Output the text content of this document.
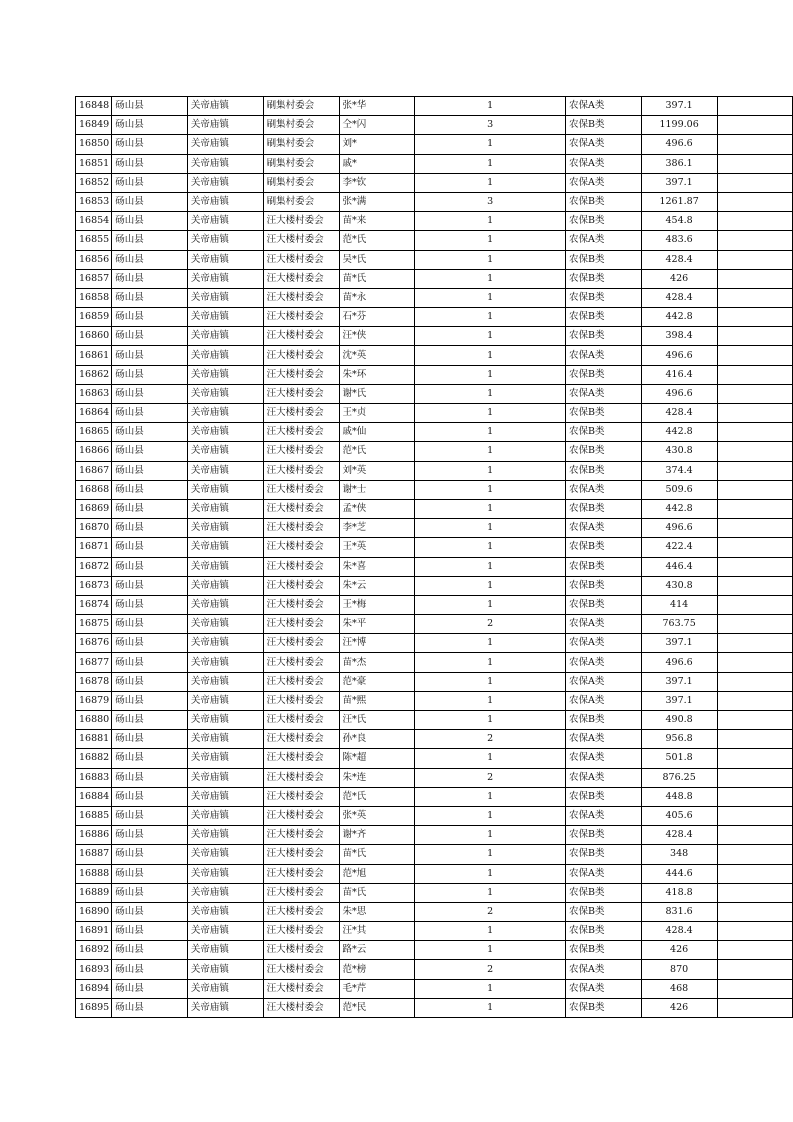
16848	砀山县	关帝庙镇	刷集村委会	张*华	1	农保A类	397.1	
16849	砀山县	关帝庙镇	刷集村委会	仝*闪	3	农保B类	1199.06	
16850	砀山县	关帝庙镇	刷集村委会	刘*	1	农保A类	496.6	
16851	砀山县	关帝庙镇	刷集村委会	戚*	1	农保A类	386.1	
16852	砀山县	关帝庙镇	刷集村委会	李*钦	1	农保A类	397.1	
16853	砀山县	关帝庙镇	刷集村委会	张*满	3	农保B类	1261.87	
16854	砀山县	关帝庙镇	汪大楼村委会	苗*来	1	农保B类	454.8	
16855	砀山县	关帝庙镇	汪大楼村委会	范*氏	1	农保A类	483.6	
16856	砀山县	关帝庙镇	汪大楼村委会	吴*氏	1	农保B类	428.4	
16857	砀山县	关帝庙镇	汪大楼村委会	苗*氏	1	农保B类	426	
16858	砀山县	关帝庙镇	汪大楼村委会	苗*永	1	农保B类	428.4	
16859	砀山县	关帝庙镇	汪大楼村委会	石*芬	1	农保B类	442.8	
16860	砀山县	关帝庙镇	汪大楼村委会	汪*侠	1	农保B类	398.4	
16861	砀山县	关帝庙镇	汪大楼村委会	沈*英	1	农保A类	496.6	
16862	砀山县	关帝庙镇	汪大楼村委会	朱*环	1	农保B类	416.4	
16863	砀山县	关帝庙镇	汪大楼村委会	谢*氏	1	农保A类	496.6	
16864	砀山县	关帝庙镇	汪大楼村委会	王*贞	1	农保B类	428.4	
16865	砀山县	关帝庙镇	汪大楼村委会	戚*仙	1	农保B类	442.8	
16866	砀山县	关帝庙镇	汪大楼村委会	范*氏	1	农保B类	430.8	
16867	砀山县	关帝庙镇	汪大楼村委会	刘*英	1	农保B类	374.4	
16868	砀山县	关帝庙镇	汪大楼村委会	谢*士	1	农保A类	509.6	
16869	砀山县	关帝庙镇	汪大楼村委会	孟*侠	1	农保B类	442.8	
16870	砀山县	关帝庙镇	汪大楼村委会	李*芝	1	农保A类	496.6	
16871	砀山县	关帝庙镇	汪大楼村委会	王*英	1	农保B类	422.4	
16872	砀山县	关帝庙镇	汪大楼村委会	朱*喜	1	农保B类	446.4	
16873	砀山县	关帝庙镇	汪大楼村委会	朱*云	1	农保B类	430.8	
16874	砀山县	关帝庙镇	汪大楼村委会	王*梅	1	农保B类	414	
16875	砀山县	关帝庙镇	汪大楼村委会	朱*平	2	农保A类	763.75	
16876	砀山县	关帝庙镇	汪大楼村委会	汪*博	1	农保A类	397.1	
16877	砀山县	关帝庙镇	汪大楼村委会	苗*杰	1	农保A类	496.6	
16878	砀山县	关帝庙镇	汪大楼村委会	范*豪	1	农保A类	397.1	
16879	砀山县	关帝庙镇	汪大楼村委会	苗*熙	1	农保A类	397.1	
16880	砀山县	关帝庙镇	汪大楼村委会	汪*氏	1	农保B类	490.8	
16881	砀山县	关帝庙镇	汪大楼村委会	孙*良	2	农保A类	956.8	
16882	砀山县	关帝庙镇	汪大楼村委会	陈*超	1	农保A类	501.8	
16883	砀山县	关帝庙镇	汪大楼村委会	朱*连	2	农保A类	876.25	
16884	砀山县	关帝庙镇	汪大楼村委会	范*氏	1	农保B类	448.8	
16885	砀山县	关帝庙镇	汪大楼村委会	张*英	1	农保A类	405.6	
16886	砀山县	关帝庙镇	汪大楼村委会	谢*齐	1	农保B类	428.4	
16887	砀山县	关帝庙镇	汪大楼村委会	苗*氏	1	农保B类	348	
16888	砀山县	关帝庙镇	汪大楼村委会	范*旭	1	农保A类	444.6	
16889	砀山县	关帝庙镇	汪大楼村委会	苗*氏	1	农保B类	418.8	
16890	砀山县	关帝庙镇	汪大楼村委会	朱*思	2	农保B类	831.6	
16891	砀山县	关帝庙镇	汪大楼村委会	汪*其	1	农保B类	428.4	
16892	砀山县	关帝庙镇	汪大楼村委会	路*云	1	农保B类	426	
16893	砀山县	关帝庙镇	汪大楼村委会	范*榜	2	农保A类	870	
16894	砀山县	关帝庙镇	汪大楼村委会	毛*芹	1	农保A类	468	
16895	砀山县	关帝庙镇	汪大楼村委会	范*民	1	农保B类	426	
